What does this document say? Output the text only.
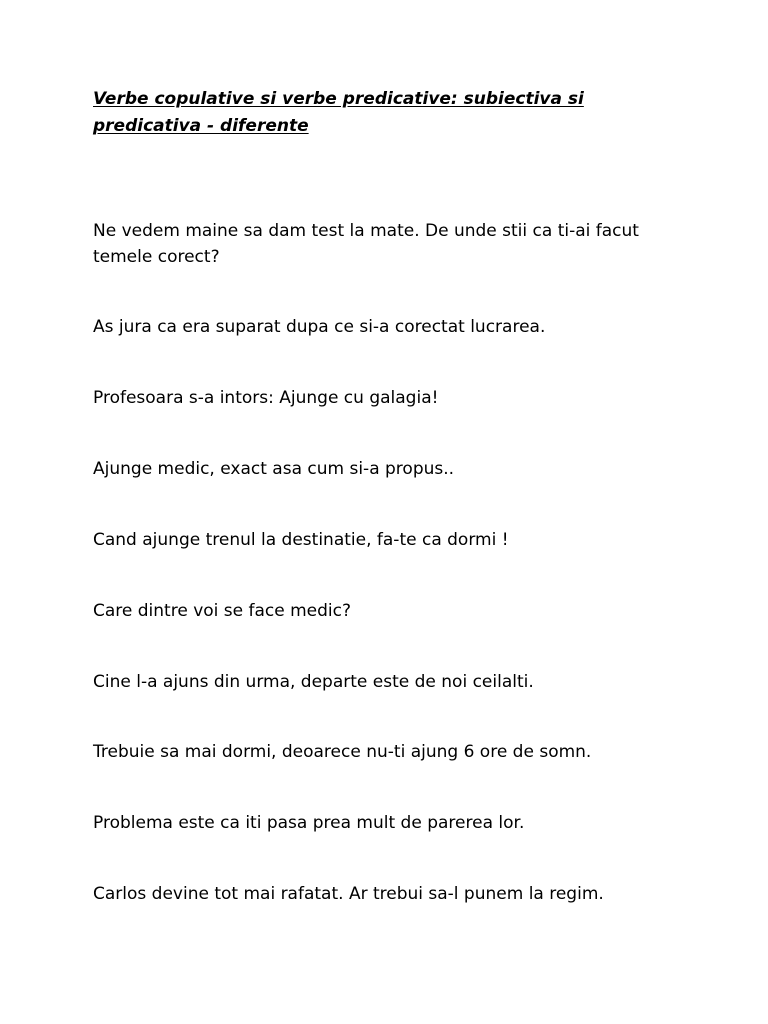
Verbe copulative si verbe predicative: subiectiva si predicativa - diferente

Ne vedem maine sa dam test la mate. De unde stii ca ti-ai facut temele corect?

As jura ca era suparat dupa ce si-a corectat lucrarea.

Profesoara s-a intors: Ajunge cu galagia!

Ajunge medic, exact asa cum si-a propus..

Cand ajunge trenul la destinatie, fa-te ca dormi !

Care dintre voi se face medic?

Cine l-a ajuns din urma, departe este de noi ceilalti.

Trebuie sa mai dormi, deoarece nu-ti ajung 6 ore de somn.

Problema este ca iti pasa prea mult de parerea lor.

Carlos devine tot mai rafatat. Ar trebui sa-l punem la regim.
